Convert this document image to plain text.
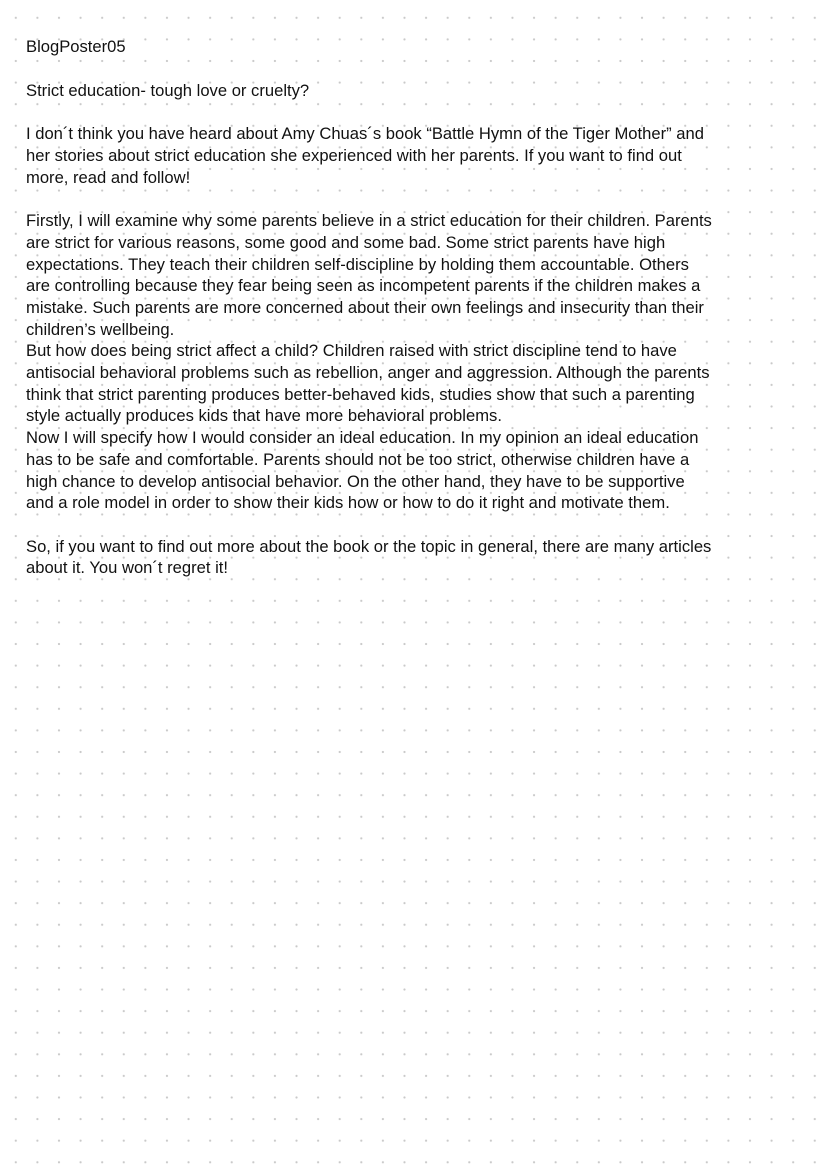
BlogPoster05

Strict education- tough love or cruelty?

I don´t think you have heard about Amy Chuas´s book “Battle Hymn of the Tiger Mother” and

her stories about strict education she experienced with her parents. If you want to find out

more, read and follow!

Firstly, I will examine why some parents believe in a strict education for their children. Parents

are strict for various reasons, some good and some bad. Some strict parents have high

expectations. They teach their children self-discipline by holding them accountable. Others

are controlling because they fear being seen as incompetent parents if the children makes a

mistake. Such parents are more concerned about their own feelings and insecurity than their

children’s wellbeing.

But how does being strict affect a child? Children raised with strict discipline tend to have

antisocial behavioral problems such as rebellion, anger and aggression. Although the parents

think that strict parenting produces better-behaved kids, studies show that such a parenting

style actually produces kids that have more behavioral problems.

Now I will specify how I would consider an ideal education. In my opinion an ideal education

has to be safe and comfortable. Parents should not be too strict, otherwise children have a

high chance to develop antisocial behavior. On the other hand, they have to be supportive

and a role model in order to show their kids how or how to do it right and motivate them.

So, if you want to find out more about the book or the topic in general, there are many articles

about it. You won´t regret it!
